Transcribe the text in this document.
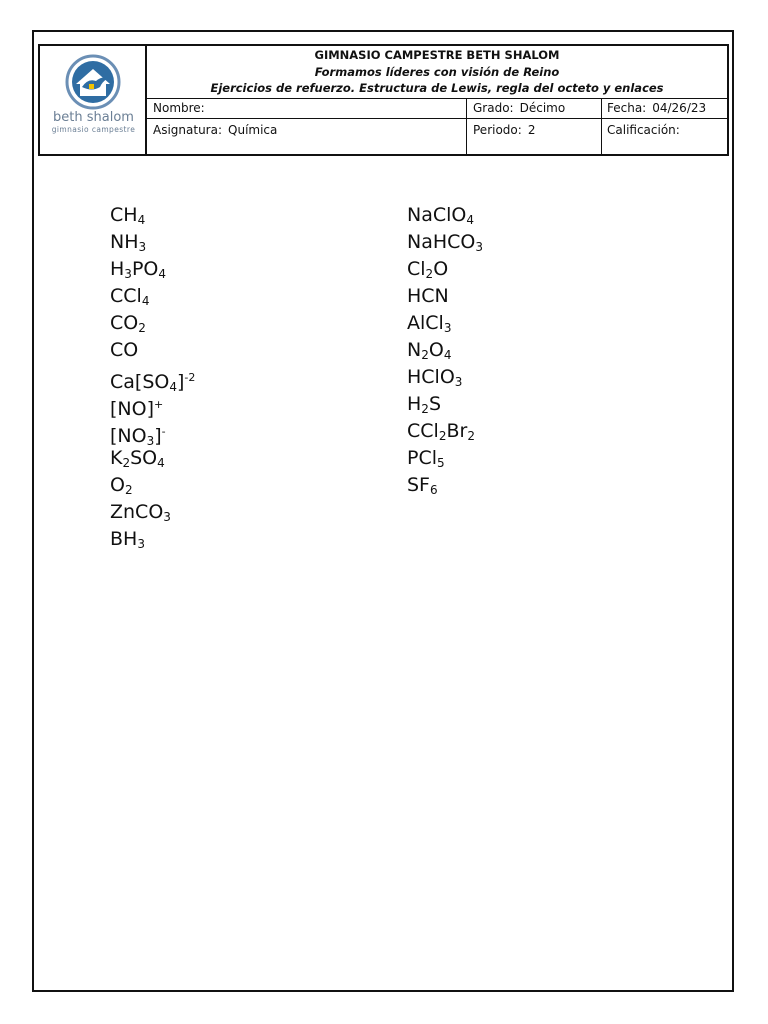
beth shalom
gimnasio campestre
GIMNASIO CAMPESTRE BETH SHALOM
Formamos líderes con visión de Reino
Ejercicios de refuerzo. Estructura de Lewis, regla del octeto y enlaces
Nombre:	Grado: Décimo	Fecha: 04/26/23
Asignatura: Química	Periodo: 2	Calificación:
$CH_4$
$NH_3$
$H_3PO_4$
CCl$_4$
$CO_2$
CO
$Ca[SO_4]^{-2}$
[NO]+
$[NO_3]^-$
$K_2SO_4$
$O_2$
ZnCO$_3$
$BH_3$
NaClO$_4$
NaHCO$_3$
$Cl_2O$
HCN
AlCl$_3$
$N_2O_4$
HClO$_3$
$H_2S$
$CCl_2Br_2$
PCl$_5$
$SF_6$
